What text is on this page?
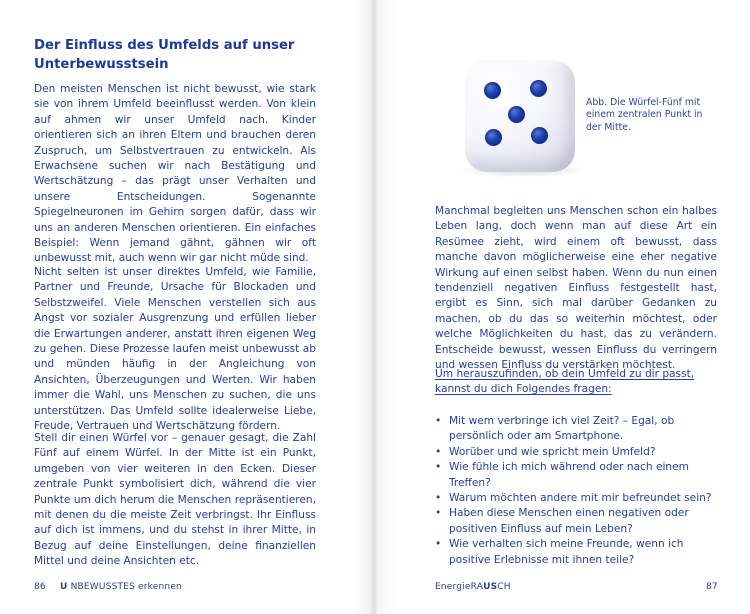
Der Einfluss des Umfelds auf unser Unterbewusstsein

Den meisten Menschen ist nicht bewusst, wie stark sie von ihrem Umfeld beeinflusst werden. Von klein auf ahmen wir unser Umfeld nach. Kinder orientieren sich an ihren Eltern und brauchen deren Zuspruch, um Selbstvertrauen zu entwickeln. Als Erwachsene suchen wir nach Bestätigung und Wertschätzung – das prägt unser Verhalten und unsere Entscheidungen. Sogenannte Spiegelneuronen im Gehirn sorgen dafür, dass wir uns an anderen Menschen orientieren. Ein einfaches Beispiel: Wenn jemand gähnt, gähnen wir oft unbewusst mit, auch wenn wir gar nicht müde sind.

Nicht selten ist unser direktes Umfeld, wie Familie, Partner und Freunde, Ursache für Blockaden und Selbstzweifel. Viele Menschen verstellen sich aus Angst vor sozialer Ausgrenzung und erfüllen lieber die Erwartungen anderer, anstatt ihren eigenen Weg zu gehen. Diese Prozesse laufen meist unbewusst ab und münden häufig in der Angleichung von Ansichten, Überzeugungen und Werten. Wir haben immer die Wahl, uns Menschen zu suchen, die uns unterstützen. Das Umfeld sollte idealerweise Liebe, Freude, Vertrauen und Wertschätzung fördern.

Stell dir einen Würfel vor – genauer gesagt, die Zahl Fünf auf einem Würfel. In der Mitte ist ein Punkt, umgeben von vier weiteren in den Ecken. Dieser zentrale Punkt symbolisiert dich, während die vier Punkte um dich herum die Menschen repräsentieren, mit denen du die meiste Zeit verbringst. Ihr Einfluss auf dich ist immens, und du stehst in ihrer Mitte, in Bezug auf deine Einstellungen, deine finanziellen Mittel und deine Ansichten etc.

86 U NBEWUSSTES erkennen

Abb. Die Würfel-Fünf mit einem zentralen Punkt in der Mitte.

Manchmal begleiten uns Menschen schon ein halbes Leben lang, doch wenn man auf diese Art ein Resümee zieht, wird einem oft bewusst, dass manche davon möglicherweise eine eher negative Wirkung auf einen selbst haben. Wenn du nun einen tendenziell negativen Einfluss festgestellt hast, ergibt es Sinn, sich mal darüber Gedanken zu machen, ob du das so weiterhin möchtest, oder welche Möglichkeiten du hast, das zu verändern. Entscheide bewusst, wessen Einfluss du verringern und wessen Einfluss du verstärken möchtest.

Um herauszufinden, ob dein Umfeld zu dir passt, kannst du dich Folgendes fragen:

• Mit wem verbringe ich viel Zeit? – Egal, ob persönlich oder am Smartphone.
• Worüber und wie spricht mein Umfeld?
• Wie fühle ich mich während oder nach einem Treffen?
• Warum möchten andere mit mir befreundet sein?
• Haben diese Menschen einen negativen oder positiven Einfluss auf mein Leben?
• Wie verhalten sich meine Freunde, wenn ich positive Erlebnisse mit ihnen teile?
EnergieRAUSCH	87
